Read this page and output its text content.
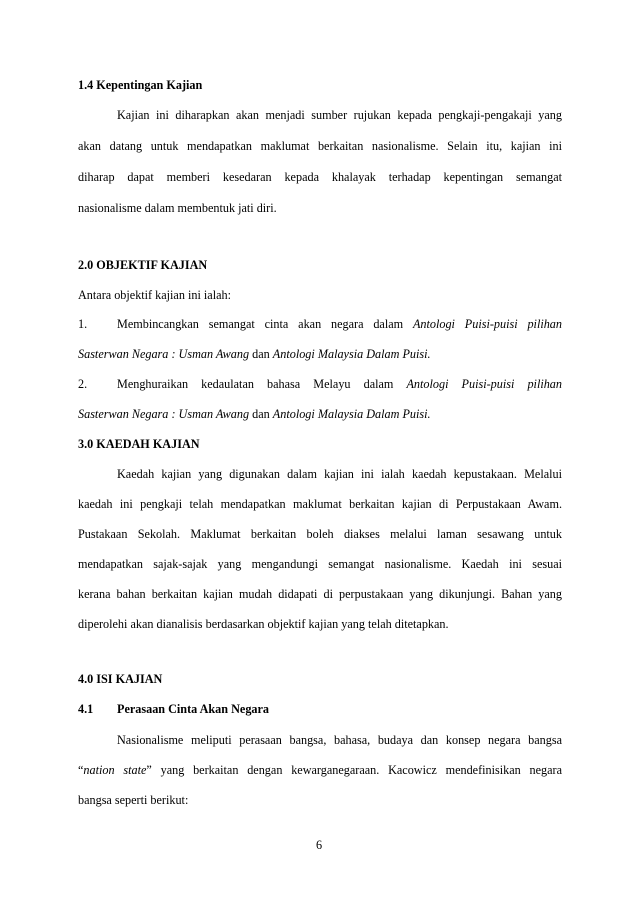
1.4 Kepentingan Kajian
Kajian ini diharapkan akan menjadi sumber rujukan kepada pengkaji-pengakaji yang
akan datang untuk mendapatkan maklumat berkaitan nasionalisme. Selain itu, kajian ini
diharap dapat memberi kesedaran kepada khalayak terhadap kepentingan semangat
nasionalisme dalam membentuk jati diri.
2.0 OBJEKTIF KAJIAN
Antara objektif kajian ini ialah:
1. Membincangkan semangat cinta akan negara dalam Antologi Puisi-puisi pilihan
Sasterwan Negara : Usman Awang dan Antologi Malaysia Dalam Puisi.
2. Menghuraikan kedaulatan bahasa Melayu dalam Antologi Puisi-puisi pilihan
Sasterwan Negara : Usman Awang dan Antologi Malaysia Dalam Puisi.
3.0 KAEDAH KAJIAN
Kaedah kajian yang digunakan dalam kajian ini ialah kaedah kepustakaan. Melalui
kaedah ini pengkaji telah mendapatkan maklumat berkaitan kajian di Perpustakaan Awam.
Pustakaan Sekolah. Maklumat berkaitan boleh diakses melalui laman sesawang untuk
mendapatkan sajak-sajak yang mengandungi semangat nasionalisme. Kaedah ini sesuai
kerana bahan berkaitan kajian mudah didapati di perpustakaan yang dikunjungi. Bahan yang
diperolehi akan dianalisis berdasarkan objektif kajian yang telah ditetapkan.
4.0 ISI KAJIAN
4.1 Perasaan Cinta Akan Negara
Nasionalisme meliputi perasaan bangsa, bahasa, budaya dan konsep negara bangsa
“nation state” yang berkaitan dengan kewarganegaraan. Kacowicz mendefinisikan negara
bangsa seperti berikut:
6
